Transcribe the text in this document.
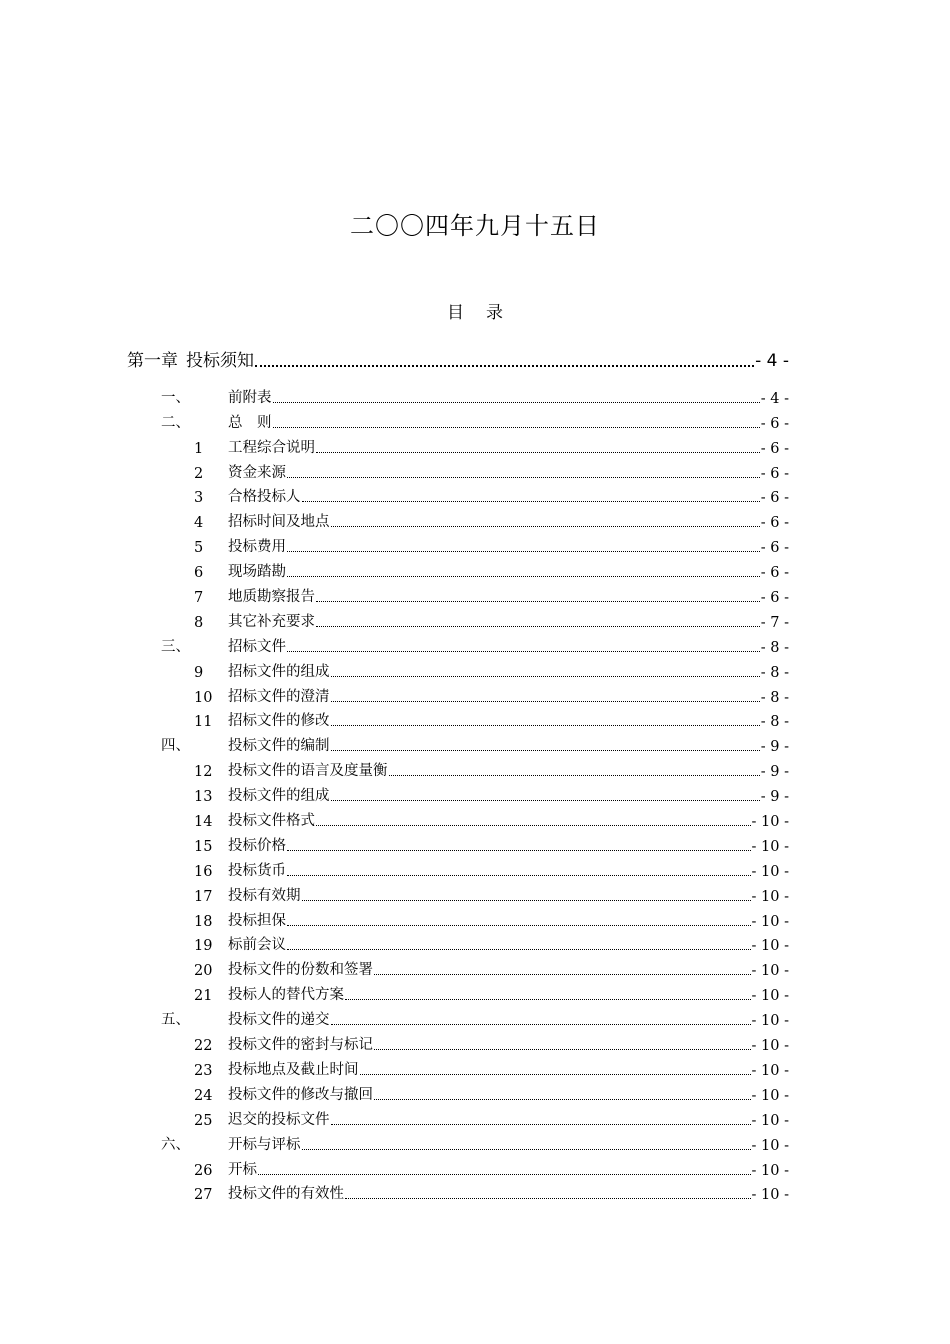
二〇〇四年九月十五日
目 录
第一章 投标须知	- 4 -
一、	前附表	- 4 -
二、	总　则	- 6 -
1 工程综合说明	- 6 -
2 资金来源	- 6 -
3 合格投标人	- 6 -
4 招标时间及地点	- 6 -
5 投标费用	- 6 -
6 现场踏勘	- 6 -
7 地质勘察报告	- 6 -
8 其它补充要求	- 7 -
三、	招标文件	- 8 -
9 招标文件的组成	- 8 -
10 招标文件的澄清	- 8 -
11 招标文件的修改	- 8 -
四、	投标文件的编制	- 9 -
12 投标文件的语言及度量衡	- 9 -
13 投标文件的组成	- 9 -
14 投标文件格式	- 10 -
15 投标价格	- 10 -
16 投标货币	- 10 -
17 投标有效期	- 10 -
18 投标担保	- 10 -
19 标前会议	- 10 -
20 投标文件的份数和签署	- 10 -
21 投标人的替代方案	- 10 -
五、	投标文件的递交	- 10 -
22 投标文件的密封与标记	- 10 -
23 投标地点及截止时间	- 10 -
24 投标文件的修改与撤回	- 10 -
25 迟交的投标文件	- 10 -
六、	开标与评标	- 10 -
26 开标	- 10 -
27 投标文件的有效性	- 10 -
